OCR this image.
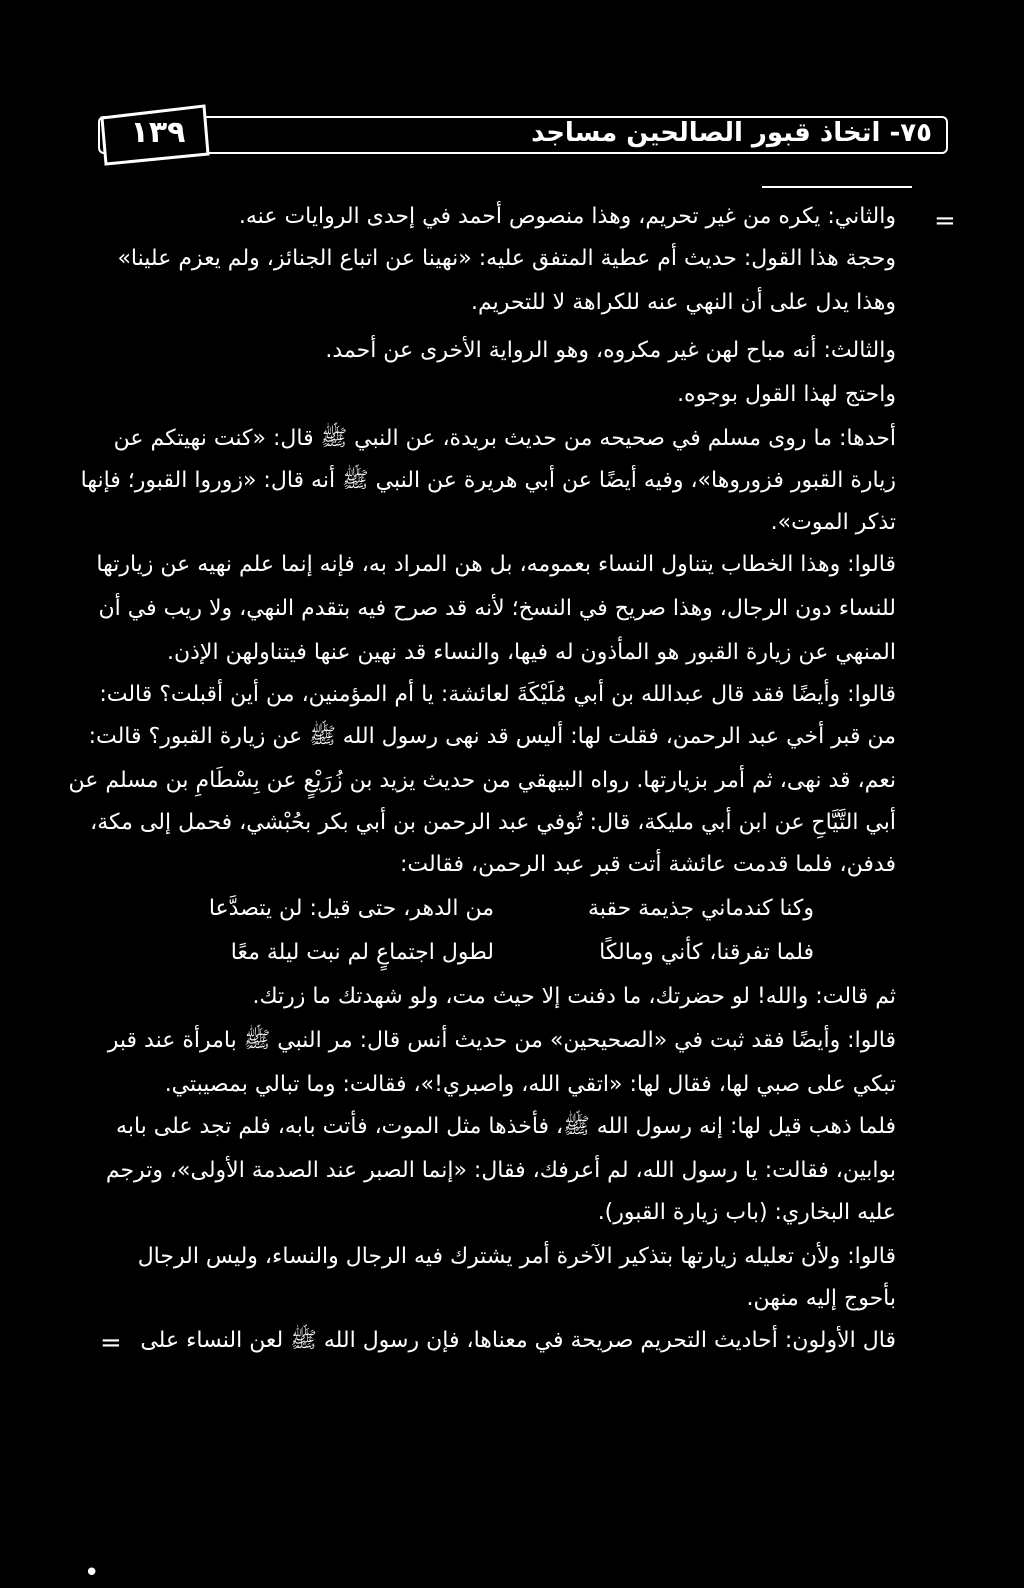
١٣٩	٧٥- اتخاذ قبور الصالحين مساجد
=
•
والثاني: يكره من غير تحريم، وهذا منصوص أحمد في إحدى الروايات عنه.
وحجة هذا القول: حديث أم عطية المتفق عليه: «نهينا عن اتباع الجنائز، ولم يعزم علينا»
وهذا يدل على أن النهي عنه للكراهة لا للتحريم.
والثالث: أنه مباح لهن غير مكروه، وهو الرواية الأخرى عن أحمد.
واحتج لهذا القول بوجوه.
أحدها: ما روى مسلم في صحيحه من حديث بريدة، عن النبي ﷺ قال: «كنت نهيتكم عن
زيارة القبور فزوروها»، وفيه أيضًا عن أبي هريرة عن النبي ﷺ أنه قال: «زوروا القبور؛ فإنها
تذكر الموت».
قالوا: وهذا الخطاب يتناول النساء بعمومه، بل هن المراد به، فإنه إنما علم نهيه عن زيارتها
للنساء دون الرجال، وهذا صريح في النسخ؛ لأنه قد صرح فيه بتقدم النهي، ولا ريب في أن
المنهي عن زيارة القبور هو المأذون له فيها، والنساء قد نهين عنها فيتناولهن الإذن.
قالوا: وأيضًا فقد قال عبدالله بن أبي مُلَيْكَةَ لعائشة: يا أم المؤمنين، من أين أقبلت؟ قالت:
من قبر أخي عبد الرحمن، فقلت لها: أليس قد نهى رسول الله ﷺ عن زيارة القبور؟ قالت:
نعم، قد نهى، ثم أمر بزيارتها. رواه البيهقي من حديث يزيد بن زُرَيْعٍ عن بِسْطَامِ بن مسلم عن
أبي التَّيَّاحِ عن ابن أبي مليكة، قال: تُوفي عبد الرحمن بن أبي بكر بحُبْشي، فحمل إلى مكة،
فدفن، فلما قدمت عائشة أتت قبر عبد الرحمن، فقالت:
ثم قالت: والله! لو حضرتك، ما دفنت إلا حيث مت، ولو شهدتك ما زرتك.
قالوا: وأيضًا فقد ثبت في «الصحيحين» من حديث أنس قال: مر النبي ﷺ بامرأة عند قبر
تبكي على صبي لها، فقال لها: «اتقي الله، واصبري!»، فقالت: وما تبالي بمصيبتي.
فلما ذهب قيل لها: إنه رسول الله ﷺ، فأخذها مثل الموت، فأتت بابه، فلم تجد على بابه
بوابين، فقالت: يا رسول الله، لم أعرفك، فقال: «إنما الصبر عند الصدمة الأولى»، وترجم
عليه البخاري: (باب زيارة القبور).
قالوا: ولأن تعليله زيارتها بتذكير الآخرة أمر يشترك فيه الرجال والنساء، وليس الرجال
بأحوج إليه منهن.
قال الأولون: أحاديث التحريم صريحة في معناها، فإن رسول الله ﷺ لعن النساء على
وكنا كندماني جذيمة حقبة
من الدهر، حتى قيل: لن يتصدَّعا
فلما تفرقنا، كأني ومالكًا
لطول اجتماعٍ لم نبت ليلة معًا
=
